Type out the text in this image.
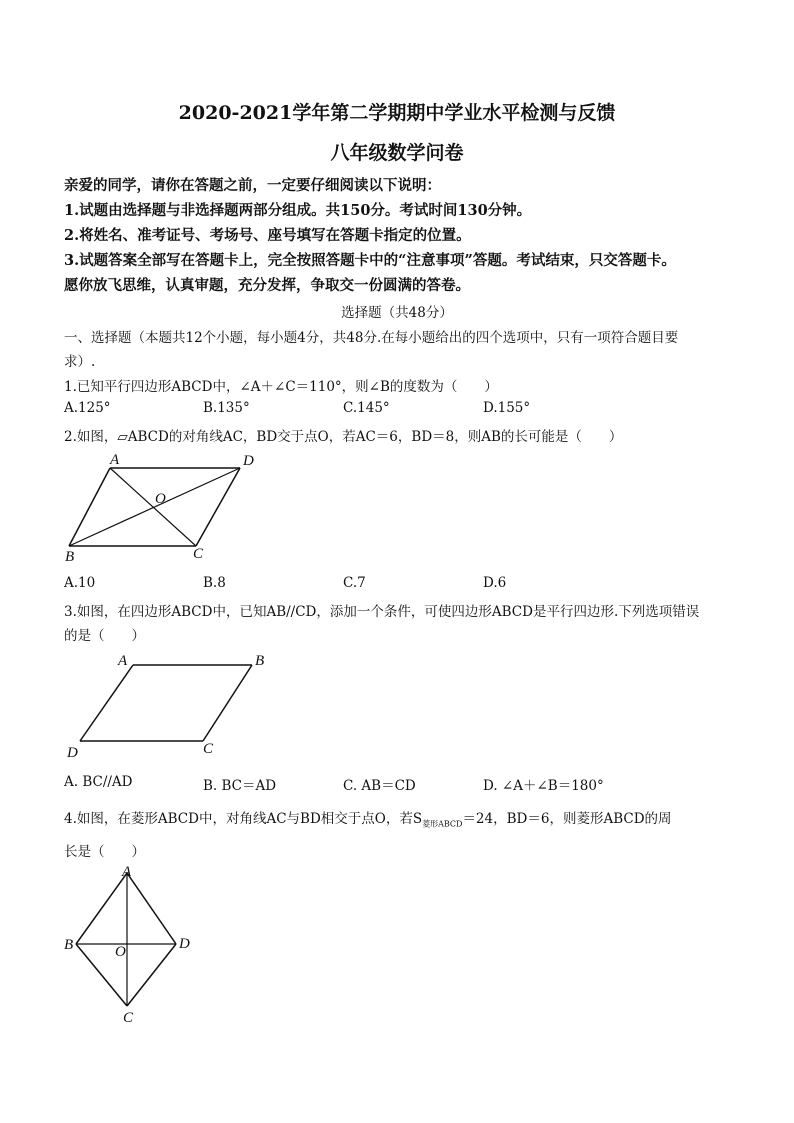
2020-2021学年第二学期期中学业水平检测与反馈
八年级数学问卷
亲爱的同学，请你在答题之前，一定要仔细阅读以下说明：
1.试题由选择题与非选择题两部分组成。共150分。考试时间130分钟。
2.将姓名、准考证号、考场号、座号填写在答题卡指定的位置。
3.试题答案全部写在答题卡上，完全按照答题卡中的“注意事项”答题。考试结束，只交答题卡。
愿你放飞思维，认真审题，充分发挥，争取交一份圆满的答卷。
选择题（共48分）
一、选择题（本题共12个小题，每小题4分，共48分.在每小题给出的四个选项中，只有一项符合题目要
求）.
1.已知平行四边形ABCD中，∠A＋∠C＝110°，则∠B的度数为（　　）
A.125°	B.135°	C.145°	D.155°
2.如图，▱ABCD的对角线AC，BD交于点O，若AC＝6，BD＝8，则AB的长可能是（　　）
A	D
O
B	C
A.10	B.8	C.7	D.6
3.如图，在四边形ABCD中，已知AB//CD，添加一个条件，可使四边形ABCD是平行四边形.下列选项错误
的是（　　）
A	B
D	C
A. BC//AD	B. BC＝AD	C. AB＝CD	D. ∠A＋∠B＝180°
4.如图，在菱形ABCD中，对角线AC与BD相交于点O，若$S_{菱形ABCD}=24$，BD＝6，则菱形ABCD的周
长是（　　）
A
B	O	D
C
